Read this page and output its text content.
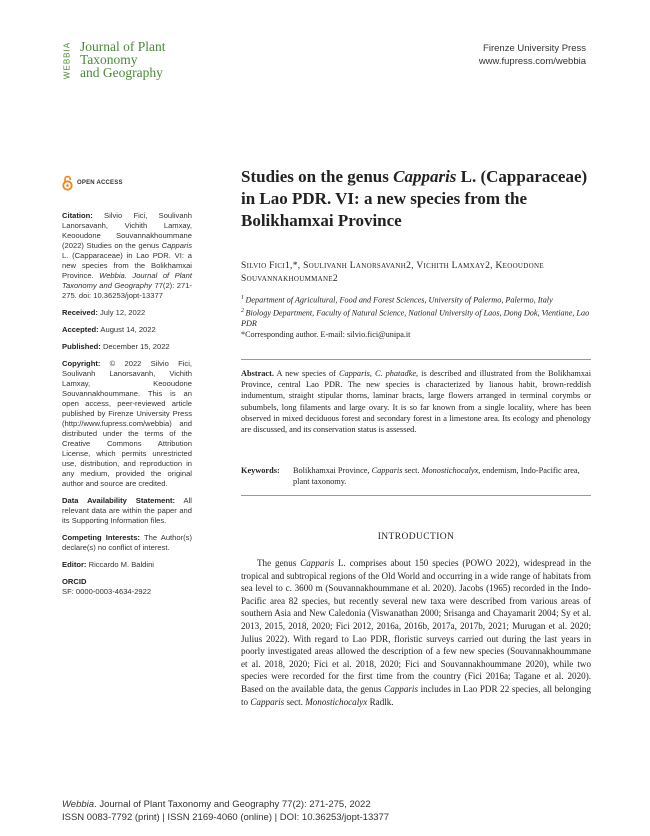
WEBBIA Journal of Plant
Taxonomy
and Geography
Firenze University Press
www.fupress.com/webbia
OPEN ACCESS

Citation: Silvio Fici, Soulivanh Lanorsavanh, Vichith Lamxay, Keooudone Souvannakhoummane (2022) Studies on the genus Capparis L. (Capparaceae) in Lao PDR. VI: a new species from the Bolikhamxai Province. Webbia. Journal of Plant Taxonomy and Geography 77(2): 271-275. doi: 10.36253/jopt-13377

Received: July 12, 2022

Accepted: August 14, 2022

Published: December 15, 2022

Copyright: © 2022 Silvio Fici, Soulivanh Lanorsavanh, Vichith Lamxay, Keooudone Souvannakhoummane. This is an open access, peer-reviewed article published by Firenze University Press (http://www.fupress.com/webbia) and distributed under the terms of the Creative Commons Attribution License, which permits unrestricted use, distribution, and reproduction in any medium, provided the original author and source are credited.

Data Availability Statement: All relevant data are within the paper and its Supporting Information files.

Competing Interests: The Author(s) declare(s) no conflict of interest.

Editor: Riccardo M. Baldini

ORCID
SF: 0000-0003-4634-2922

Studies on the genus Capparis L. (Capparaceae) in Lao PDR. VI: a new species from the Bolikhamxai Province
Silvio Fici1,*, Soulivanh Lanorsavanh2, Vichith Lamxay2, Keooudone Souvannakhoummane2
$^1$ Department of Agricultural, Food and Forest Sciences, University of Palermo, Palermo, Italy
$^2$ Biology Department, Faculty of Natural Science, National University of Laos, Dong Dok, Vientiane, Lao PDR
*Corresponding author. E-mail: silvio.fici@unipa.it
Abstract. A new species of Capparis, C. phatadke, is described and illustrated from the Bolikhamxai Province, central Lao PDR. The new species is characterized by lianous habit, brown-reddish indumentum, straight stipular thorns, laminar bracts, large flowers arranged in terminal corymbs or subumbels, long filaments and large ovary. It is so far known from a single locality, where has been observed in mixed deciduous forest and secondary forest in a limestone area. Its ecology and phenology are discussed, and its conservation status is assessed.
Keywords:	Bolikhamxai Province, Capparis sect. Monostichocalyx, endemism, Indo-Pacific area, plant taxonomy.
INTRODUCTION
The genus Capparis L. comprises about 150 species (POWO 2022), widespread in the tropical and subtropical regions of the Old World and occurring in a wide range of habitats from sea level to c. 3600 m (Souvannakhoummane et al. 2020). Jacobs (1965) recorded in the Indo-Pacific area 82 species, but recently several new taxa were described from various areas of southern Asia and New Caledonia (Viswanathan 2000; Srisanga and Chayamarit 2004; Sy et al. 2013, 2015, 2018, 2020; Fici 2012, 2016a, 2016b, 2017a, 2017b, 2021; Murugan et al. 2020; Julius 2022). With regard to Lao PDR, floristic surveys carried out during the last years in poorly investigated areas allowed the description of a few new species (Souvannakhoummane et al. 2018, 2020; Fici et al. 2018, 2020; Fici and Souvannakhoummane 2020), while two species were recorded for the first time from the country (Fici 2016a; Tagane et al. 2020). Based on the available data, the genus Capparis includes in Lao PDR 22 species, all belonging to Capparis sect. Monostichocalyx Radlk.
Webbia. Journal of Plant Taxonomy and Geography 77(2): 271-275, 2022
ISSN 0083-7792 (print) | ISSN 2169-4060 (online) | DOI: 10.36253/jopt-13377
